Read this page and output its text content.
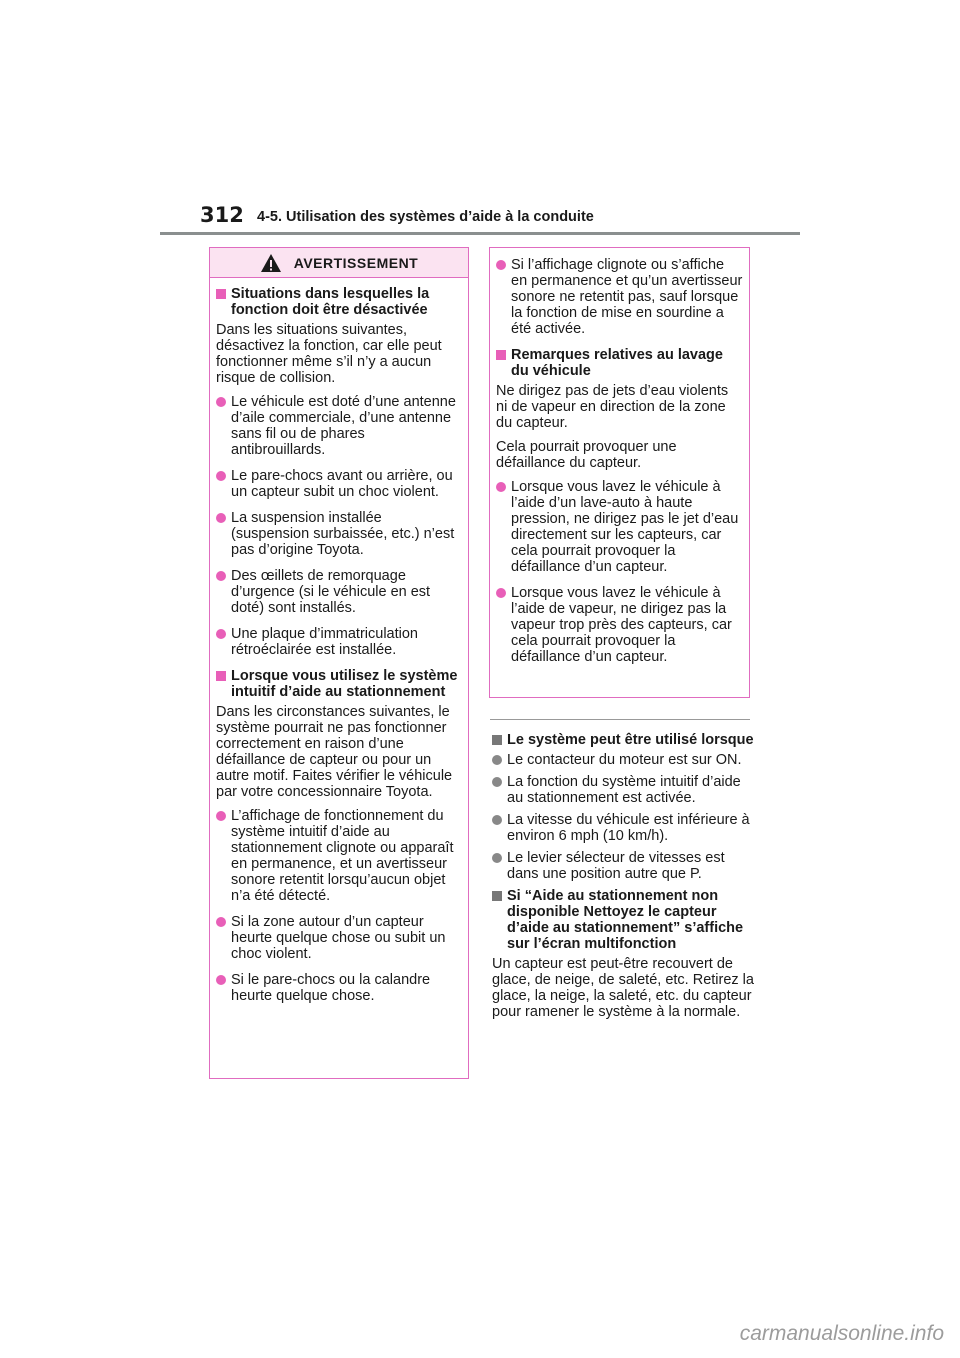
312 4-5. Utilisation des systèmes d’aide à la conduite
AVERTISSEMENT
Situations dans lesquelles la fonction doit être désactivée
Dans les situations suivantes, désactivez la fonction, car elle peut fonctionner même s’il n’y a aucun risque de collision.
Le véhicule est doté d’une antenne d’aile commerciale, d’une antenne sans fil ou de phares antibrouillards.
Le pare-chocs avant ou arrière, ou un capteur subit un choc violent.
La suspension installée (suspension surbaissée, etc.) n’est pas d’origine Toyota.
Des œillets de remorquage d’urgence (si le véhicule en est doté) sont installés.
Une plaque d’immatriculation rétroéclairée est installée.
Lorsque vous utilisez le système intuitif d’aide au stationnement
Dans les circonstances suivantes, le système pourrait ne pas fonctionner correctement en raison d’une défaillance de capteur ou pour un autre motif. Faites vérifier le véhicule par votre concessionnaire Toyota.
L’affichage de fonctionnement du système intuitif d’aide au stationnement clignote ou apparaît en permanence, et un avertisseur sonore retentit lorsqu’aucun objet n’a été détecté.
Si la zone autour d’un capteur heurte quelque chose ou subit un choc violent.
Si le pare-chocs ou la calandre heurte quelque chose.
Si l’affichage clignote ou s’affiche en permanence et qu’un avertisseur sonore ne retentit pas, sauf lorsque la fonction de mise en sourdine a été activée.
Remarques relatives au lavage du véhicule
Ne dirigez pas de jets d’eau violents ni de vapeur en direction de la zone du capteur.
Cela pourrait provoquer une défaillance du capteur.
Lorsque vous lavez le véhicule à l’aide d’un lave-auto à haute pression, ne dirigez pas le jet d’eau directement sur les capteurs, car cela pourrait provoquer la défaillance d’un capteur.
Lorsque vous lavez le véhicule à l’aide de vapeur, ne dirigez pas la vapeur trop près des capteurs, car cela pourrait provoquer la défaillance d’un capteur.
Le système peut être utilisé lorsque
Le contacteur du moteur est sur ON.
La fonction du système intuitif d’aide au stationnement est activée.
La vitesse du véhicule est inférieure à environ 6 mph (10 km/h).
Le levier sélecteur de vitesses est dans une position autre que P.
Si “Aide au stationnement non disponible Nettoyez le capteur d’aide au stationnement” s’affiche sur l’écran multifonction
Un capteur est peut-être recouvert de glace, de neige, de saleté, etc. Retirez la glace, la neige, la saleté, etc. du capteur pour ramener le système à la normale.
carmanualsonline.info
